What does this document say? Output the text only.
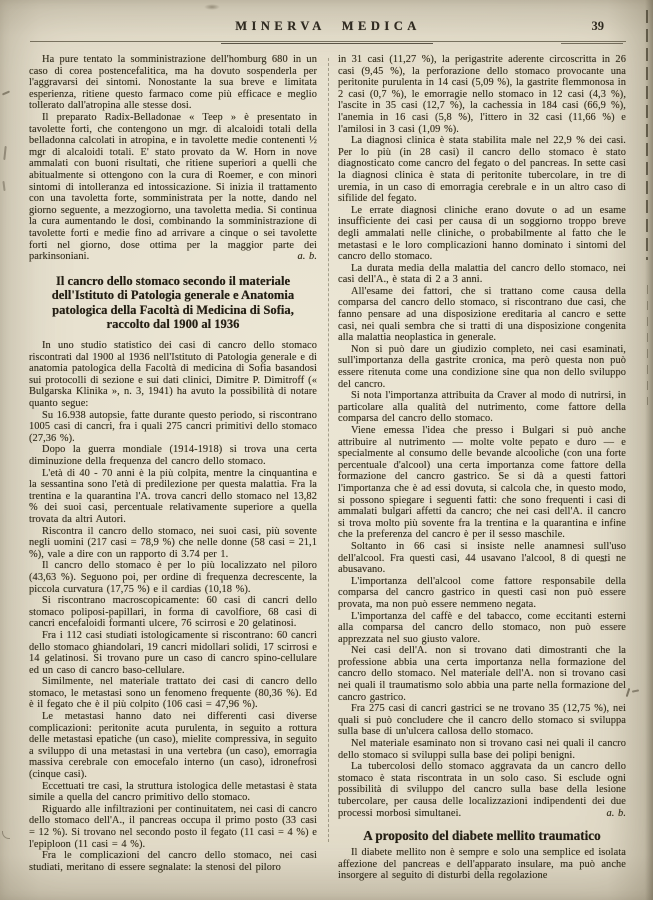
MINERVA MEDICA	39

Ha pure tentato la somministrazione dell'homburg 680 in un caso di corea postencefalitica, ma ha dovuto sospenderla per l'aggravarsi dei sintomi. Nonostante la sua breve e limitata esperienza, ritiene questo farmaco come più efficace e meglio tollerato dall'atropina alle stesse dosi.

Il preparato Radix-Belladonae « Teep » è presentato in tavolette forti, che contengono un mgr. di alcaloidi totali della belladonna calcolati in atropina, e in tavolette medie contenenti ½ mgr di alcaloidi totali. E' stato provato da W. Horn in nove ammalati con buoni risultati, che ritiene superiori a quelli che abitualmente si ottengono con la cura di Roemer, e con minori sintomi di intolleranza ed intossicazione. Si inizia il trattamento con una tavoletta forte, somministrata per la notte, dando nel giorno seguente, a mezzogiorno, una tavoletta media. Si continua la cura aumentando le dosi, combinando la somministrazione di tavolette forti e medie fino ad arrivare a cinque o sei tavolette forti nel giorno, dose ottima per la maggior parte dei parkinsoniani.	a. b.

Il cancro dello stomaco secondo il materiale dell'Istituto di Patologia generale e Anatomia patologica della Facoltà di Medicina di Sofia, raccolto dal 1900 al 1936

In uno studio statistico dei casi di cancro dello stomaco riscontrati dal 1900 al 1936 nell'Istituto di Patologia generale e di anatomia patologica della Facoltà di medicina di Sofia basandosi sui protocolli di sezione e sui dati clinici, Dimitre P. Dimitroff (« Bulgarska Klinika », n. 3, 1941) ha avuto la possibilità di notare quanto segue:

Su 16.938 autopsie, fatte durante questo periodo, si riscontrano 1005 casi di cancri, fra i quali 275 cancri primitivi dello stomaco (27,36 %).

Dopo la guerra mondiale (1914-1918) si trova una certa diminuzione della frequenza del cancro dello stomaco.

L'età di 40 - 70 anni è la più colpita, mentre la cinquantina e la sessantina sono l'età di predilezione per questa malattia. Fra la trentina e la quarantina l'A. trova cancri dello stomaco nel 13,82 % dei suoi casi, percentuale relativamente superiore a quella trovata da altri Autori.

Riscontra il cancro dello stomaco, nei suoi casi, più sovente negli uomini (217 casi = 78,9 %) che nelle donne (58 casi = 21,1 %), vale a dire con un rapporto di 3.74 per 1.

Il cancro dello stomaco è per lo più localizzato nel piloro (43,63 %). Seguono poi, per ordine di frequenza decrescente, la piccola curvatura (17,75 %) e il cardias (10,18 %).

Si riscontrano macroscopicamente: 60 casi di cancri dello stomaco poliposi-papillari, in forma di cavolfiore, 68 casi di cancri encefaloidi formanti ulcere, 76 scirrosi e 20 gelatinosi.

Fra i 112 casi studiati istologicamente si riscontrano: 60 cancri dello stomaco ghiandolari, 19 cancri midollari solidi, 17 scirrosi e 14 gelatinosi. Si trovano pure un caso di cancro spino-cellulare ed un caso di cancro baso-cellulare.

Similmente, nel materiale trattato dei casi di cancro dello stomaco, le metastasi sono un fenomeno frequente (80,36 %). Ed è il fegato che è il più colpito (106 casi = 47,96 %).

Le metastasi hanno dato nei differenti casi diverse complicazioni: peritonite acuta purulenta, in seguito a rottura delle metastasi epatiche (un caso), mielite compressiva, in seguito a sviluppo di una metastasi in una vertebra (un caso), emorragia massiva cerebrale con emocefalo interno (un caso), idronefrosi (cinque casi).

Eccettuati tre casi, la struttura istologica delle metastasi è stata simile a quella del cancro primitivo dello stomaco.

Riguardo alle infiltrazioni per continuitatem, nei casi di cancro dello stomaco dell'A., il pancreas occupa il primo posto (33 casi = 12 %). Si trovano nel secondo posto il fegato (11 casi = 4 %) e l'epiploon (11 casi = 4 %).

Fra le complicazioni del cancro dello stomaco, nei casi studiati, meritano di essere segnalate: la stenosi del piloro

in 31 casi (11,27 %), la perigastrite aderente circoscritta in 26 casi (9,45 %), la perforazione dello stomaco provocante una peritonite purulenta in 14 casi (5,09 %), la gastrite flemmonosa in 2 casi (0,7 %), le emorragie nello stomaco in 12 casi (4,3 %), l'ascite in 35 casi (12,7 %), la cachessia in 184 casi (66,9 %), l'anemia in 16 casi (5,8 %), l'ittero in 32 casi (11,66 %) e l'amilosi in 3 casi (1,09 %).

La diagnosi clinica è stata stabilita male nel 22,9 % dei casi. Per lo più (in 28 casi) il cancro dello stomaco è stato diagnosticato come cancro del fegato o del pancreas. In sette casi la diagnosi clinica è stata di peritonite tubercolare, in tre di uremia, in un caso di emorragia cerebrale e in un altro caso di sifilide del fegato.

Le errate diagnosi cliniche erano dovute o ad un esame insufficiente dei casi per causa di un soggiorno troppo breve degli ammalati nelle cliniche, o probabilmente al fatto che le metastasi e le loro complicazioni hanno dominato i sintomi del cancro dello stomaco.

La durata media della malattia del cancro dello stomaco, nei casi dell'A., è stata di 2 a 3 anni.

All'esame dei fattori, che si trattano come causa della comparsa del cancro dello stomaco, si riscontrano due casi, che fanno pensare ad una disposizione ereditaria al cancro e sette casi, nei quali sembra che si tratti di una disposizione congenita alla malattia neoplastica in generale.

Non si può dare un giudizio completo, nei casi esaminati, sull'importanza della gastrite cronica, ma però questa non può essere ritenuta come una condizione sine qua non dello sviluppo del cancro.

Si nota l'importanza attribuita da Craver al modo di nutrirsi, in particolare alla qualità del nutrimento, come fattore della comparsa del cancro dello stomaco.

Viene emessa l'idea che presso i Bulgari si può anche attribuire al nutrimento — molte volte pepato e duro — e specialmente al consumo delle bevande alcooliche (con una forte percentuale d'alcool) una certa importanza come fattore della formazione del cancro gastrico. Se si dà a questi fattori l'importanza che è ad essi dovuta, si calcola che, in questo modo, si possono spiegare i seguenti fatti: che sono frequenti i casi di ammalati bulgari affetti da cancro; che nei casi dell'A. il cancro si trova molto più sovente fra la trentina e la quarantina e infine che la preferenza del cancro è per il sesso maschile.

Soltanto in 66 casi si insiste nelle anamnesi sull'uso dell'alcool. Fra questi casi, 44 usavano l'alcool, 8 di questi ne abusavano.

L'importanza dell'alcool come fattore responsabile della comparsa del cancro gastrico in questi casi non può essere provata, ma non può essere nemmeno negata.

L'importanza del caffè e del tabacco, come eccitanti esterni alla comparsa del cancro dello stomaco, non può essere apprezzata nel suo giusto valore.

Nei casi dell'A. non si trovano dati dimostranti che la professione abbia una certa importanza nella formazione del cancro dello stomaco. Nel materiale dell'A. non si trovano casi nei quali il traumatismo solo abbia una parte nella formazione del cancro gastrico.

Fra 275 casi di cancri gastrici se ne trovano 35 (12,75 %), nei quali si può concludere che il cancro dello stomaco si sviluppa sulla base di un'ulcera callosa dello stomaco.

Nel materiale esaminato non si trovano casi nei quali il cancro dello stomaco si sviluppi sulla base dei polipi benigni.

La tubercolosi dello stomaco aggravata da un cancro dello stomaco è stata riscontrata in un solo caso. Si esclude ogni possibilità di sviluppo del cancro sulla base della lesione tubercolare, per causa delle localizzazioni indipendenti dei due processi morbosi simultanei.	a. b.

A proposito del diabete mellito traumatico

Il diabete mellito non è sempre e solo una semplice ed isolata affezione del pancreas e dell'apparato insulare, ma può anche insorgere al seguito di disturbi della regolazione
